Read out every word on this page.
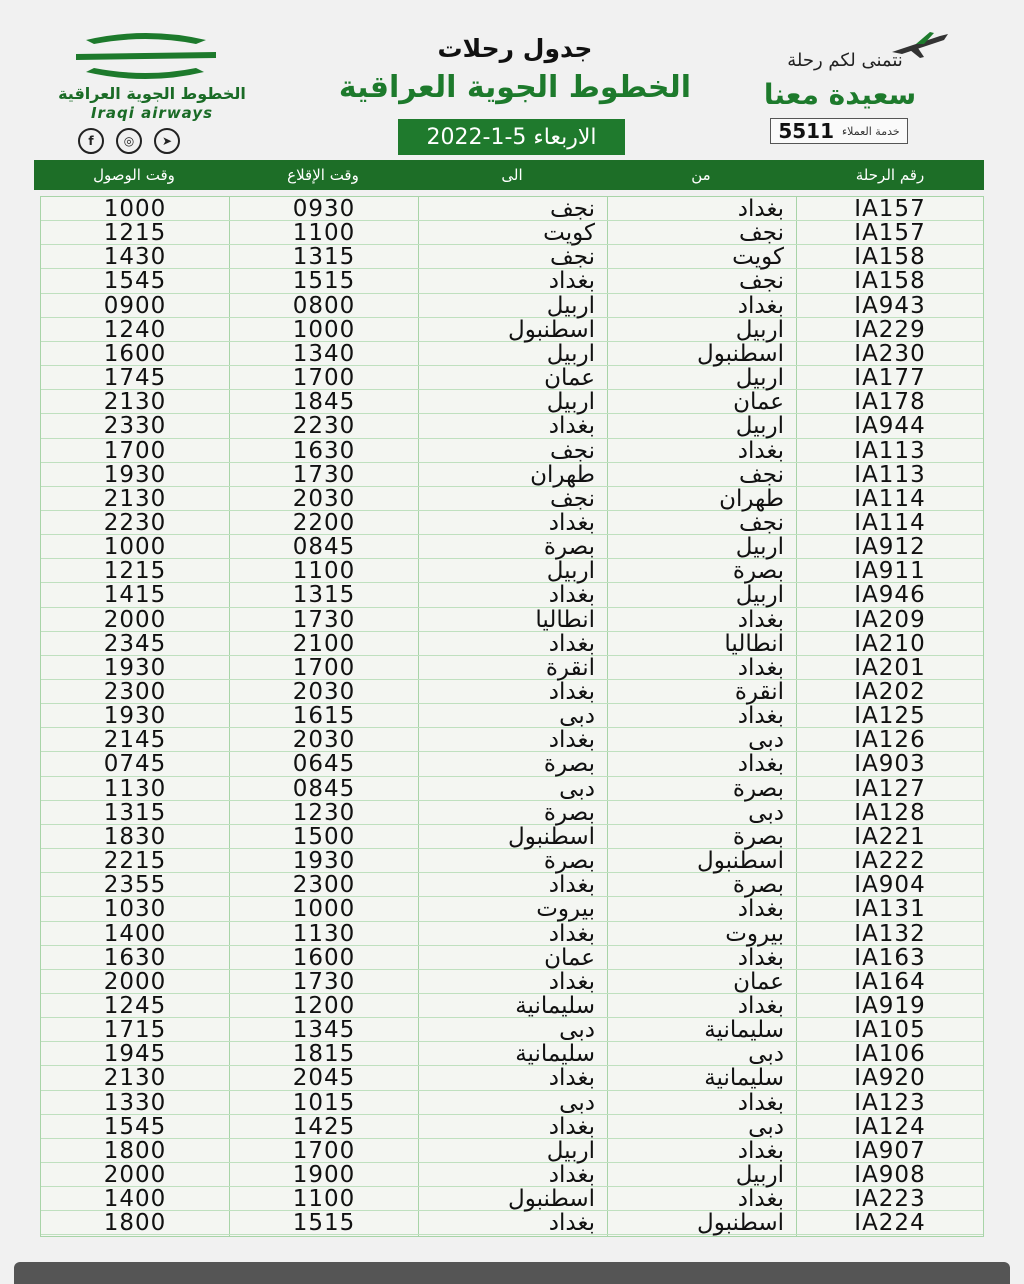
الخطوط الجوية العراقية
Iraqi airways
f	◎	➤
جدول رحلات
الخطوط الجوية العراقية
الاربعاء 5-1-2022
نتمنى لكم رحلة
سعيدة معنا
5511 خدمة العملاء
وقت الوصول	وقت الإقلاع	الى	من	رقم الرحلة
1000	0930	نجف	بغداد	IA157
1215	1100	كويت	نجف	IA157
1430	1315	نجف	كويت	IA158
1545	1515	بغداد	نجف	IA158
0900	0800	اربيل	بغداد	IA943
1240	1000	اسطنبول	اربيل	IA229
1600	1340	اربيل	اسطنبول	IA230
1745	1700	عمان	اربيل	IA177
2130	1845	اربيل	عمان	IA178
2330	2230	بغداد	اربيل	IA944
1700	1630	نجف	بغداد	IA113
1930	1730	طهران	نجف	IA113
2130	2030	نجف	طهران	IA114
2230	2200	بغداد	نجف	IA114
1000	0845	بصرة	اربيل	IA912
1215	1100	اربيل	بصرة	IA911
1415	1315	بغداد	اربيل	IA946
2000	1730	انطاليا	بغداد	IA209
2345	2100	بغداد	انطاليا	IA210
1930	1700	انقرة	بغداد	IA201
2300	2030	بغداد	انقرة	IA202
1930	1615	دبى	بغداد	IA125
2145	2030	بغداد	دبى	IA126
0745	0645	بصرة	بغداد	IA903
1130	0845	دبى	بصرة	IA127
1315	1230	بصرة	دبى	IA128
1830	1500	اسطنبول	بصرة	IA221
2215	1930	بصرة	اسطنبول	IA222
2355	2300	بغداد	بصرة	IA904
1030	1000	بيروت	بغداد	IA131
1400	1130	بغداد	بيروت	IA132
1630	1600	عمان	بغداد	IA163
2000	1730	بغداد	عمان	IA164
1245	1200	سليمانية	بغداد	IA919
1715	1345	دبى	سليمانية	IA105
1945	1815	سليمانية	دبى	IA106
2130	2045	بغداد	سليمانية	IA920
1330	1015	دبى	بغداد	IA123
1545	1425	بغداد	دبى	IA124
1800	1700	اربيل	بغداد	IA907
2000	1900	بغداد	اربيل	IA908
1400	1100	اسطنبول	بغداد	IA223
1800	1515	بغداد	اسطنبول	IA224
